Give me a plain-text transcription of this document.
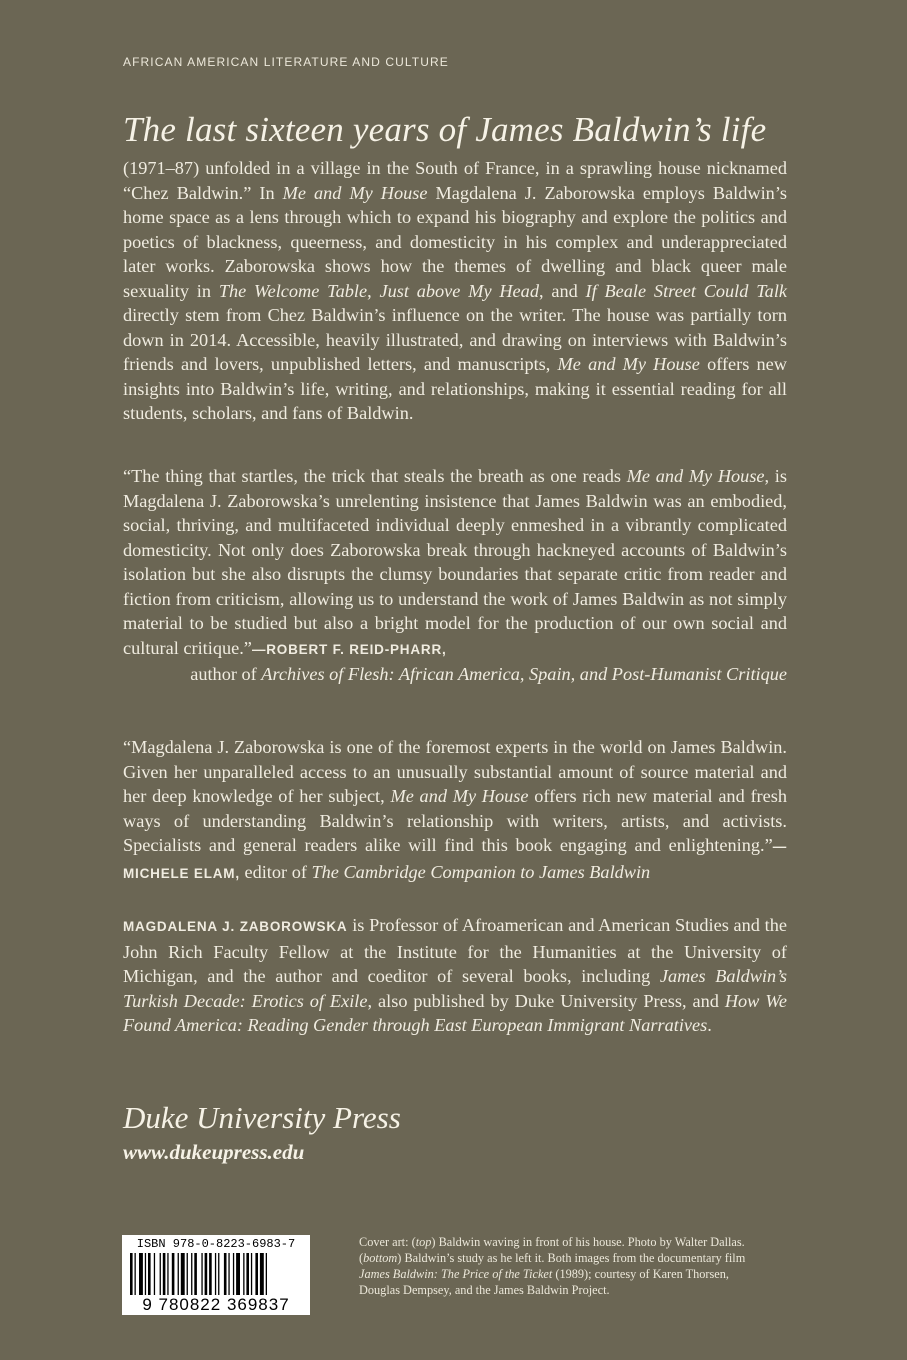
AFRICAN AMERICAN LITERATURE AND CULTURE
The last sixteen years of James Baldwin’s life

(1971–87) unfolded in a village in the South of France, in a sprawling house nicknamed “Chez Baldwin.” In Me and My House Magdalena J. Zaborowska employs Baldwin’s home space as a lens through which to expand his biography and explore the politics and poetics of blackness, queerness, and domesticity in his complex and underappreciated later works. Zaborowska shows how the themes of dwelling and black queer male sexuality in The Welcome Table, Just above My Head, and If Beale Street Could Talk directly stem from Chez Baldwin’s influence on the writer. The house was partially torn down in 2014. Accessible, heavily illustrated, and drawing on interviews with Baldwin’s friends and lovers, unpublished letters, and manuscripts, Me and My House offers new insights into Baldwin’s life, writing, and relationships, making it essential reading for all students, scholars, and fans of Baldwin.

“The thing that startles, the trick that steals the breath as one reads Me and My House, is Magdalena J. Zaborowska’s unrelenting insistence that James Baldwin was an embodied, social, thriving, and multifaceted individual deeply enmeshed in a vibrantly complicated domesticity. Not only does Zaborowska break through hackneyed accounts of Baldwin’s isolation but she also disrupts the clumsy boundaries that separate critic from reader and fiction from criticism, allowing us to understand the work of James Baldwin as not simply material to be studied but also a bright model for the production of our own social and cultural critique.”—ROBERT F. REID-PHARR,

author of Archives of Flesh: African America, Spain, and Post-Humanist Critique

“Magdalena J. Zaborowska is one of the foremost experts in the world on James Baldwin. Given her unparalleled access to an unusually substantial amount of source material and her deep knowledge of her subject, Me and My House offers rich new material and fresh ways of understanding Baldwin’s relationship with writers, artists, and activists. Specialists and general readers alike will find this book engaging and enlightening.”—MICHELE ELAM, editor of The Cambridge Companion to James Baldwin

MAGDALENA J. ZABOROWSKA is Professor of Afroamerican and American Studies and the John Rich Faculty Fellow at the Institute for the Humanities at the University of Michigan, and the author and coeditor of several books, including James Baldwin’s Turkish Decade: Erotics of Exile, also published by Duke University Press, and How We Found America: Reading Gender through East European Immigrant Narratives.

Duke University Press
www.dukeupress.edu
ISBN 978-0-8223-6983-7
9 780822 369837
Cover art: (top) Baldwin waving in front of his house. Photo by Walter Dallas. (bottom) Baldwin’s study as he left it. Both images from the documentary film James Baldwin: The Price of the Ticket (1989); courtesy of Karen Thorsen, Douglas Dempsey, and the James Baldwin Project.
